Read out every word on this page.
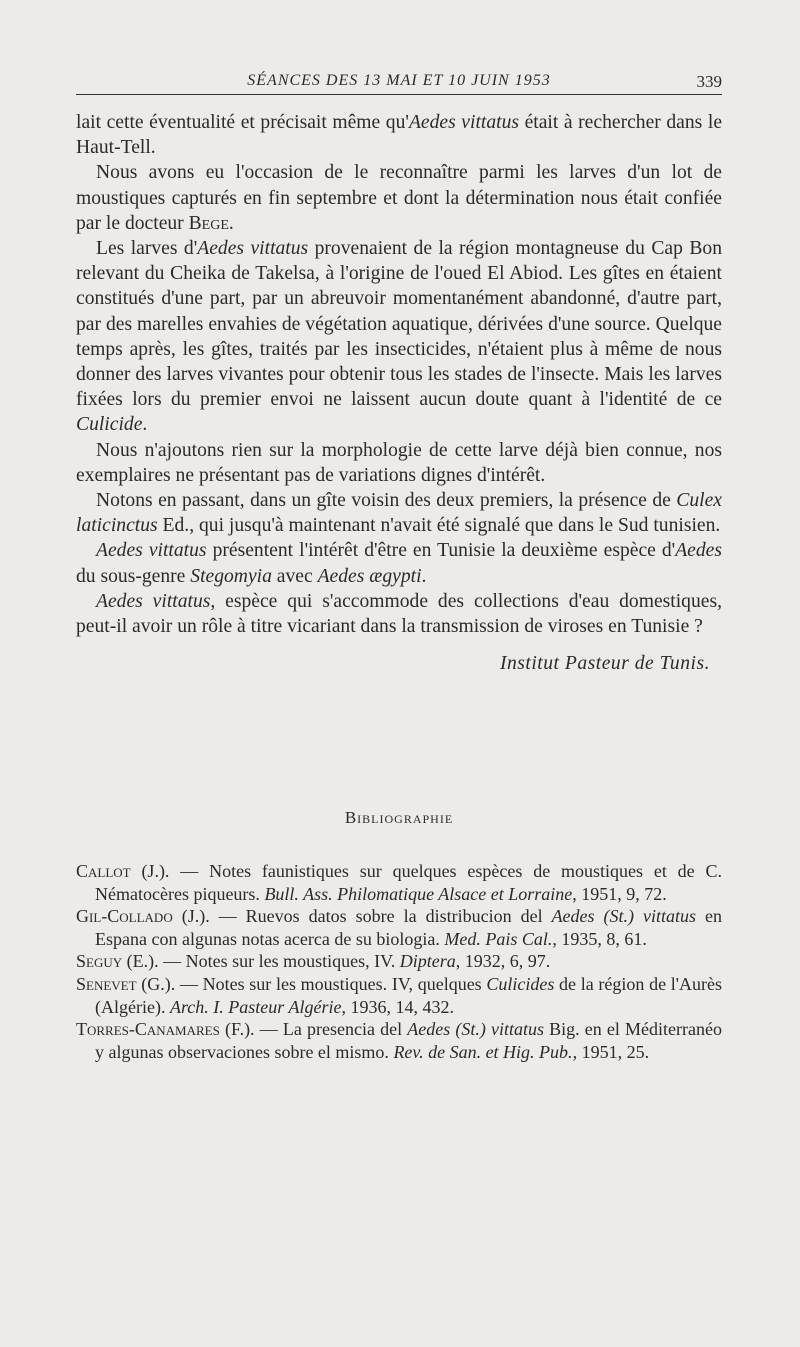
SÉANCES DES 13 MAI ET 10 JUIN 1953	339

lait cette éventualité et précisait même qu'Aedes vittatus était à rechercher dans le Haut-Tell.

Nous avons eu l'occasion de le reconnaître parmi les larves d'un lot de moustiques capturés en fin septembre et dont la détermination nous était confiée par le docteur Bege.

Les larves d'Aedes vittatus provenaient de la région montagneuse du Cap Bon relevant du Cheika de Takelsa, à l'origine de l'oued El Abiod. Les gîtes en étaient constitués d'une part, par un abreuvoir momentanément abandonné, d'autre part, par des marelles envahies de végétation aquatique, dérivées d'une source. Quelque temps après, les gîtes, traités par les insecticides, n'étaient plus à même de nous donner des larves vivantes pour obtenir tous les stades de l'insecte. Mais les larves fixées lors du premier envoi ne laissent aucun doute quant à l'identité de ce Culicide.

Nous n'ajoutons rien sur la morphologie de cette larve déjà bien connue, nos exemplaires ne présentant pas de variations dignes d'intérêt.

Notons en passant, dans un gîte voisin des deux premiers, la présence de Culex laticinctus Ed., qui jusqu'à maintenant n'avait été signalé que dans le Sud tunisien.

Aedes vittatus présentent l'intérêt d'être en Tunisie la deuxième espèce d'Aedes du sous-genre Stegomyia avec Aedes ægypti.

Aedes vittatus, espèce qui s'accommode des collections d'eau domestiques, peut-il avoir un rôle à titre vicariant dans la transmission de viroses en Tunisie ?

Institut Pasteur de Tunis.
Bibliographie

Callot (J.). — Notes faunistiques sur quelques espèces de moustiques et de C. Nématocères piqueurs. Bull. Ass. Philomatique Alsace et Lorraine, 1951, 9, 72.

Gil-Collado (J.). — Ruevos datos sobre la distribucion del Aedes (St.) vittatus en Espana con algunas notas acerca de su biologia. Med. Pais Cal., 1935, 8, 61.

Seguy (E.). — Notes sur les moustiques, IV. Diptera, 1932, 6, 97.

Senevet (G.). — Notes sur les moustiques. IV, quelques Culicides de la région de l'Aurès (Algérie). Arch. I. Pasteur Algérie, 1936, 14, 432.

Torres-Canamares (F.). — La presencia del Aedes (St.) vittatus Big. en el Méditerranéo y algunas observaciones sobre el mismo. Rev. de San. et Hig. Pub., 1951, 25.
